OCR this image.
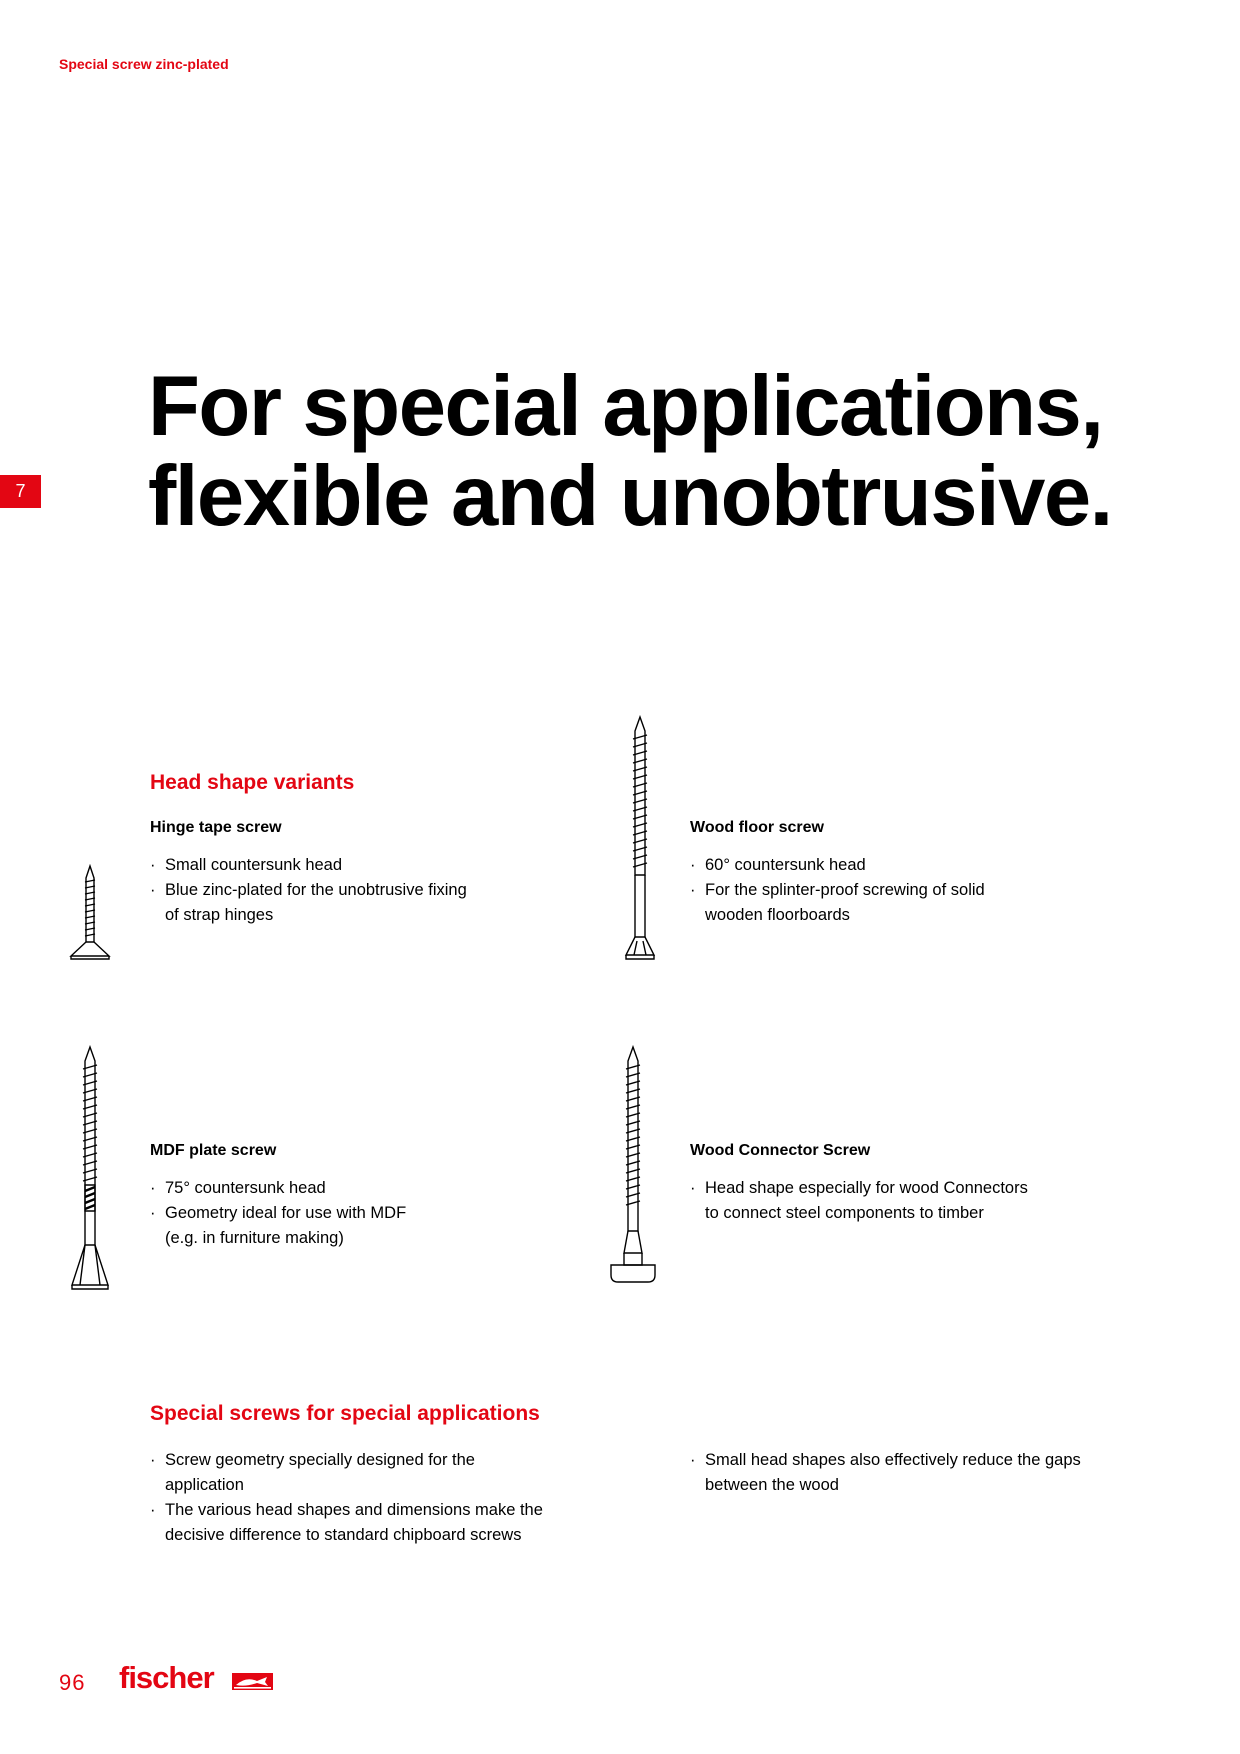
Special screw zinc-plated
7
For special applications,
flexible and unobtrusive.
Head shape variants
Hinge tape screw
· Small countersunk head
· Blue zinc-plated for the unobtrusive fixing
of strap hinges
Wood floor screw
· 60° countersunk head
· For the splinter-proof screwing of solid
wooden floorboards
MDF plate screw
· 75° countersunk head
· Geometry ideal for use with MDF
(e.g. in furniture making)
Wood Connector Screw
· Head shape especially for wood Connectors
to connect steel components to timber
Special screws for special applications
· Screw geometry specially designed for the
application
· The various head shapes and dimensions make the
decisive difference to standard chipboard screws
· Small head shapes also effectively reduce the gaps
between the wood
96 fischer
